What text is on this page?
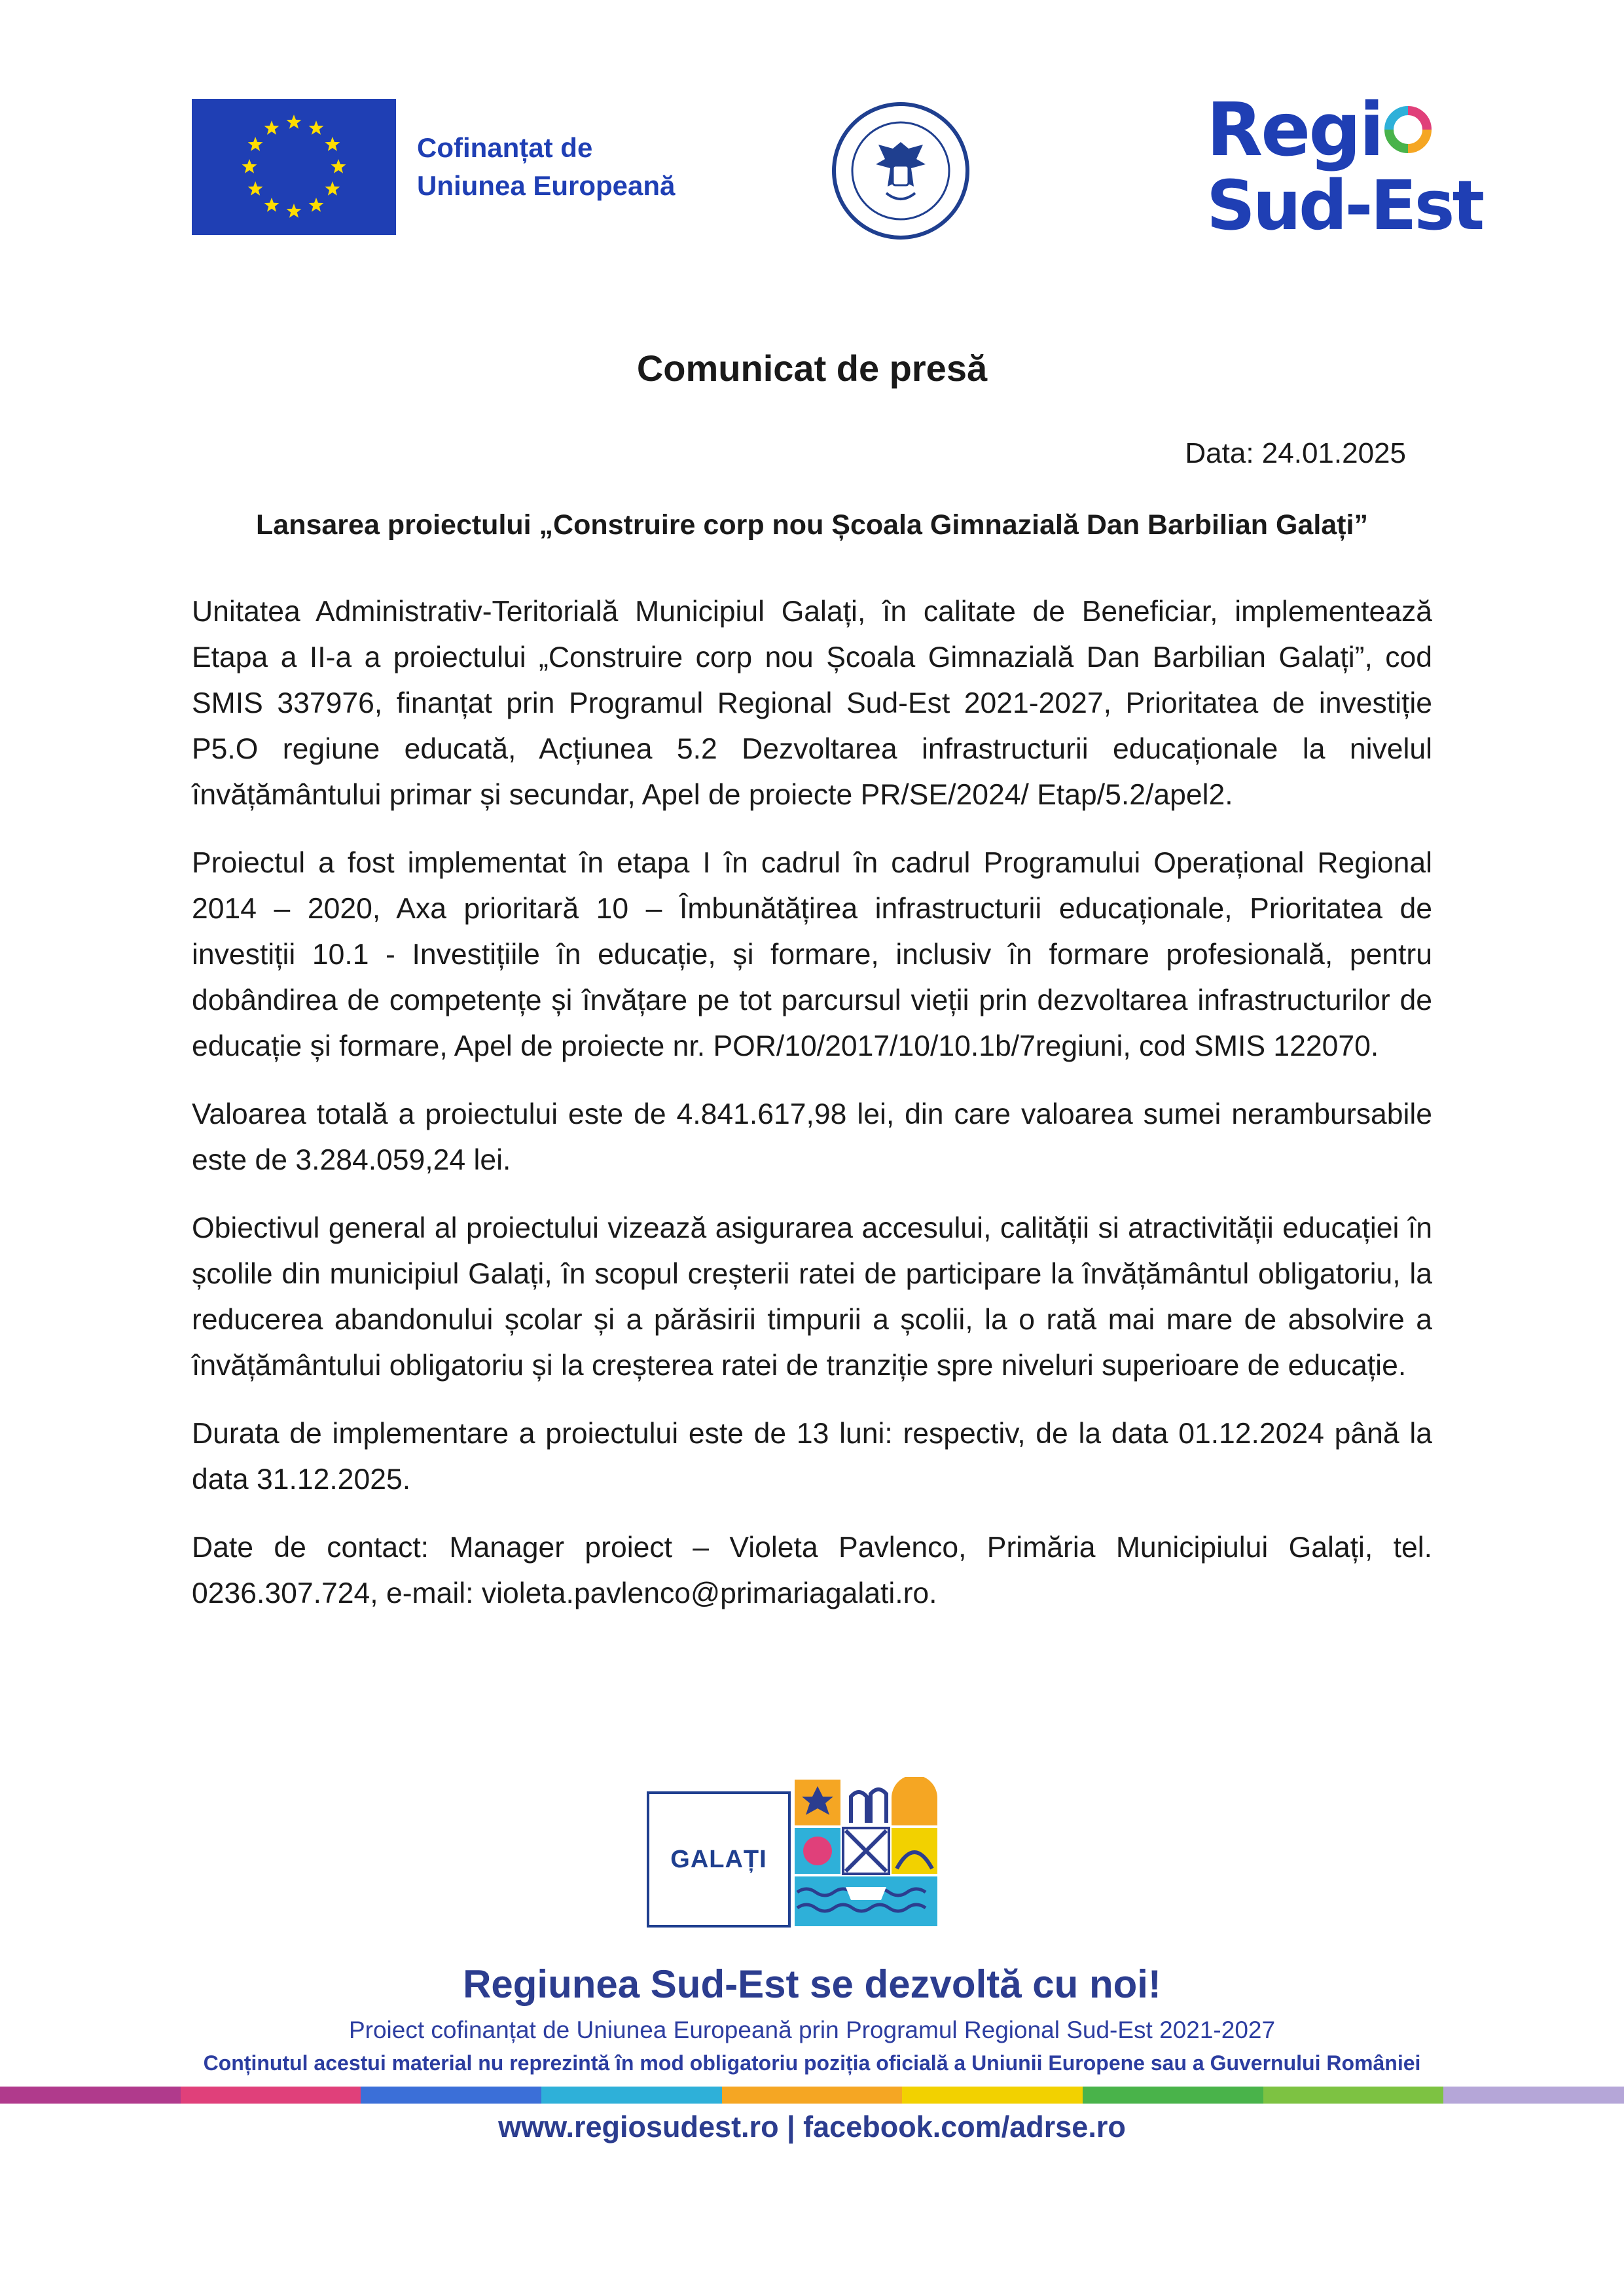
Cofinanțat de
Uniunea Europeană
Regi
Sud-Est
Comunicat de presă
Data: 24.01.2025
Lansarea proiectului „Construire corp nou Școala Gimnazială Dan Barbilian Galați”

Unitatea Administrativ-Teritorială Municipiul Galați, în calitate de Beneficiar, implementează Etapa a II-a a proiectului „Construire corp nou Școala Gimnazială Dan Barbilian Galați”, cod SMIS 337976, finanțat prin Programul Regional Sud-Est 2021-2027, Prioritatea de investiție P5.O regiune educată, Acțiunea 5.2 Dezvoltarea infrastructurii educaționale la nivelul învățământului primar și secundar, Apel de proiecte PR/SE/2024/ Etap/5.2/apel2.

Proiectul a fost implementat în etapa I în cadrul în cadrul Programului Operațional Regional 2014 – 2020, Axa prioritară 10 – Îmbunătățirea infrastructurii educaționale, Prioritatea de investiții 10.1 - Investițiile în educație, și formare, inclusiv în formare profesională, pentru dobândirea de competențe și învățare pe tot parcursul vieții prin dezvoltarea infrastructurilor de educație și formare, Apel de proiecte nr. POR/10/2017/10/10.1b/7regiuni, cod SMIS 122070.

Valoarea totală a proiectului este de 4.841.617,98 lei, din care valoarea sumei nerambursabile este de 3.284.059,24 lei.

Obiectivul general al proiectului vizează asigurarea accesului, calității si atractivității educației în școlile din municipiul Galați, în scopul creșterii ratei de participare la învățământul obligatoriu, la reducerea abandonului școlar și a părăsirii timpurii a școlii, la o rată mai mare de absolvire a învățământului obligatoriu și la creșterea ratei de tranziție spre niveluri superioare de educație.

Durata de implementare a proiectului este de 13 luni: respectiv, de la data 01.12.2024 până la data 31.12.2025.

Date de contact: Manager proiect – Violeta Pavlenco, Primăria Municipiului Galați, tel. 0236.307.724, e-mail: violeta.pavlenco@primariagalati.ro.

GALAȚI
Regiunea Sud-Est se dezvoltă cu noi!
Proiect cofinanțat de Uniunea Europeană prin Programul Regional Sud-Est 2021-2027
Conținutul acestui material nu reprezintă în mod obligatoriu poziția oficială a Uniunii Europene sau a Guvernului României
www.regiosudest.ro | facebook.com/adrse.ro
